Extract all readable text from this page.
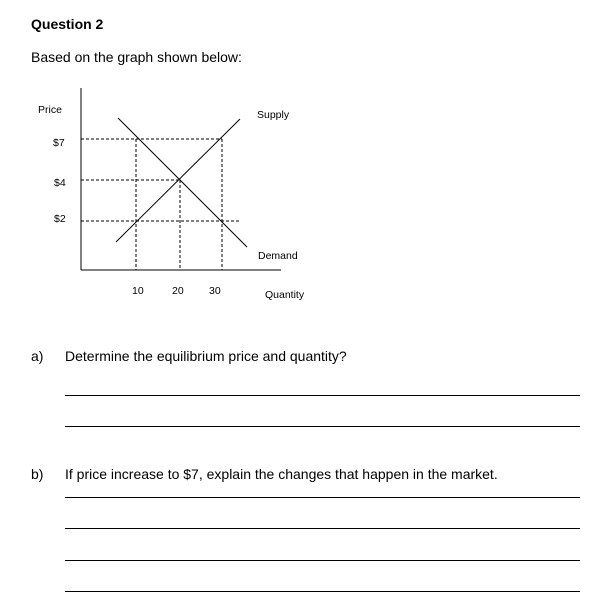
Question 2
Based on the graph shown below:
Price
$7
$4
$2
10	20 30
Supply
Demand
Quantity
a) Determine the equilibrium price and quantity?
b) If price increase to $7, explain the changes that happen in the market.
